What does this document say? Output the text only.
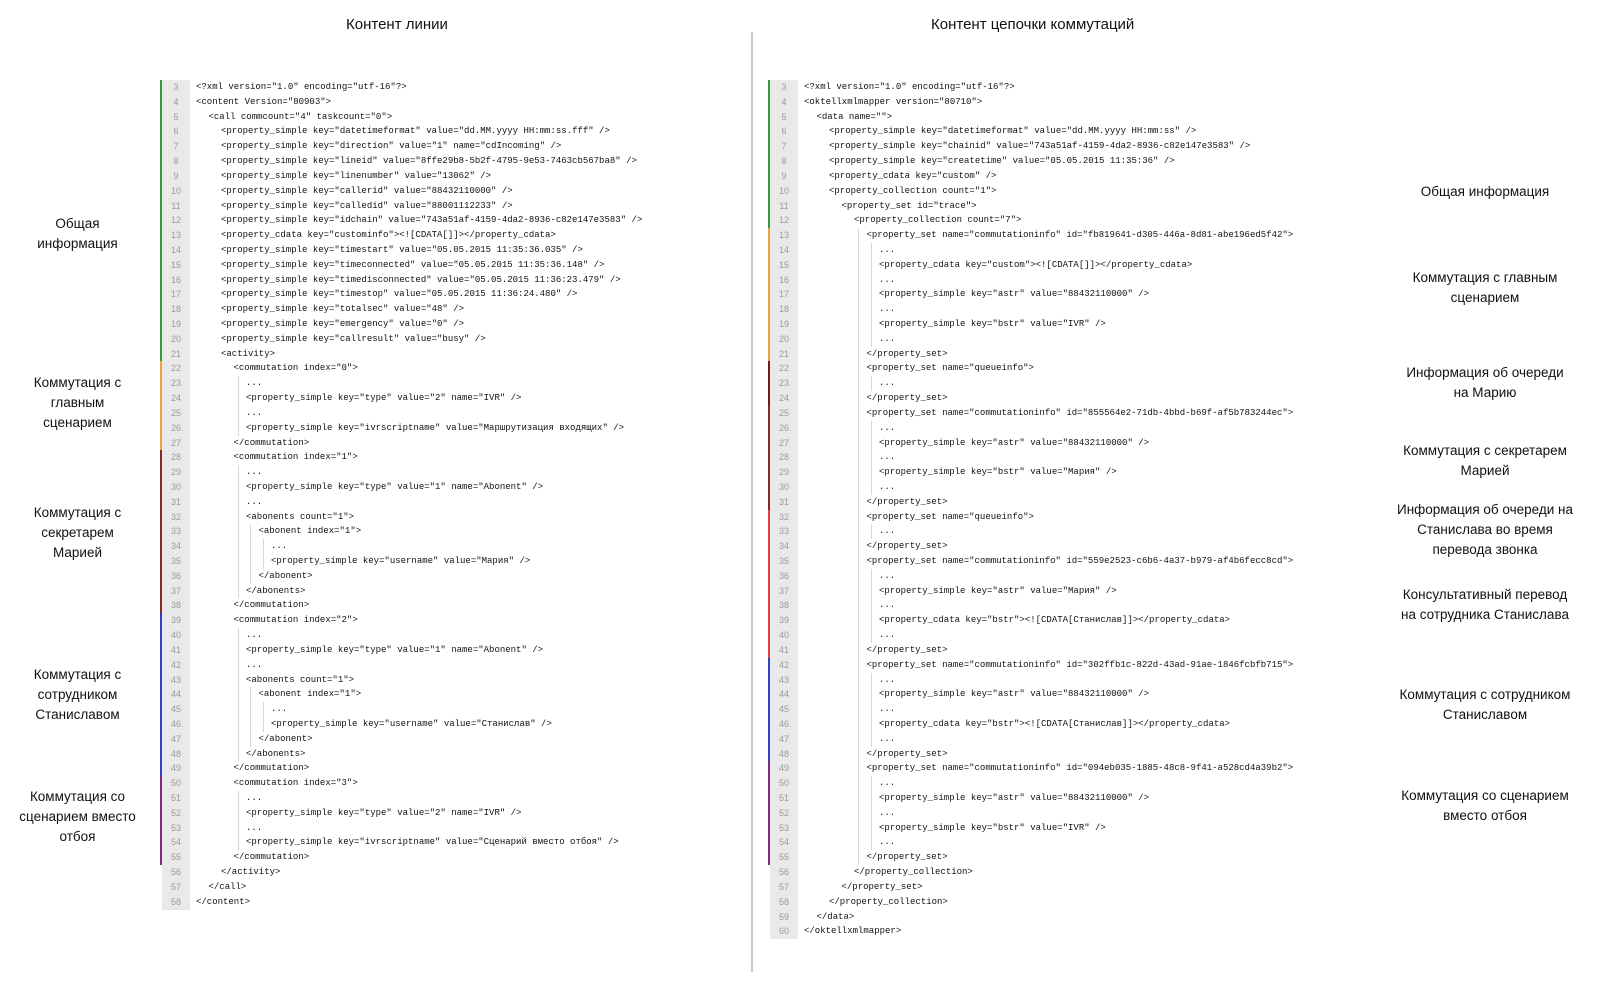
Контент линии	Контент цепочки коммутаций
3	<?xml version="1.0" encoding="utf-16"?>
4	<content Version="80903">
5	<call commcount="4" taskcount="0">
6	<property_simple key="datetimeformat" value="dd.MM.yyyy HH:mm:ss.fff" />
7	<property_simple key="direction" value="1" name="cdIncoming" />
8	<property_simple key="lineid" value="8ffe29b8-5b2f-4795-9e53-7463cb567ba8" />
9	<property_simple key="linenumber" value="13062" />
10	<property_simple key="callerid" value="88432110000" />
11	<property_simple key="calledid" value="88001112233" />
12	<property_simple key="idchain" value="743a51af-4159-4da2-8936-c82e147e3583" />
13	<property_cdata key="custominfo"><![CDATA[]]></property_cdata>
14	<property_simple key="timestart" value="05.05.2015 11:35:36.035" />
15	<property_simple key="timeconnected" value="05.05.2015 11:35:36.148" />
16	<property_simple key="timedisconnected" value="05.05.2015 11:36:23.479" />
17	<property_simple key="timestop" value="05.05.2015 11:36:24.480" />
18	<property_simple key="totalsec" value="48" />
19	<property_simple key="emergency" value="0" />
20	<property_simple key="callresult" value="busy" />
21	<activity>
22	<commutation index="0">
23	...
24	<property_simple key="type" value="2" name="IVR" />
25	...
26	<property_simple key="ivrscriptname" value="Маршрутизация входящих" />
27	</commutation>
28	<commutation index="1">
29	...
30	<property_simple key="type" value="1" name="Abonent" />
31	...
32	<abonents count="1">
33	<abonent index="1">
34	...
35	<property_simple key="username" value="Мария" />
36	</abonent>
37	</abonents>
38	</commutation>
39	<commutation index="2">
40	...
41	<property_simple key="type" value="1" name="Abonent" />
42	...
43	<abonents count="1">
44	<abonent index="1">
45	...
46	<property_simple key="username" value="Станислав" />
47	</abonent>
48	</abonents>
49	</commutation>
50	<commutation index="3">
51	...
52	<property_simple key="type" value="2" name="IVR" />
53	...
54	<property_simple key="ivrscriptname" value="Сценарий вместо отбоя" />
55	</commutation>
56	</activity>
57	</call>
58	</content>
3	<?xml version="1.0" encoding="utf-16"?>
4	<oktellxmlmapper version="80710">
5	<data name="">
6	<property_simple key="datetimeformat" value="dd.MM.yyyy HH:mm:ss" />
7	<property_simple key="chainid" value="743a51af-4159-4da2-8936-c82e147e3583" />
8	<property_simple key="createtime" value="05.05.2015 11:35:36" />
9	<property_cdata key="custom" />
10	<property_collection count="1">
11	<property_set id="trace">
12	<property_collection count="7">
13	<property_set name="commutationinfo" id="fb819641-d305-446a-8d81-abe196ed5f42">
14	...
15	<property_cdata key="custom"><![CDATA[]]></property_cdata>
16	...
17	<property_simple key="astr" value="88432110000" />
18	...
19	<property_simple key="bstr" value="IVR" />
20	...
21	</property_set>
22	<property_set name="queueinfo">
23	...
24	</property_set>
25	<property_set name="commutationinfo" id="855564e2-71db-4bbd-b69f-af5b783244ec">
26	...
27	<property_simple key="astr" value="88432110000" />
28	...
29	<property_simple key="bstr" value="Мария" />
30	...
31	</property_set>
32	<property_set name="queueinfo">
33	...
34	</property_set>
35	<property_set name="commutationinfo" id="559e2523-c6b6-4a37-b979-af4b6fecc8cd">
36	...
37	<property_simple key="astr" value="Мария" />
38	...
39	<property_cdata key="bstr"><![CDATA[Станислав]]></property_cdata>
40	...
41	</property_set>
42	<property_set name="commutationinfo" id="302ffb1c-822d-43ad-91ae-1846fcbfb715">
43	...
44	<property_simple key="astr" value="88432110000" />
45	...
46	<property_cdata key="bstr"><![CDATA[Станислав]]></property_cdata>
47	...
48	</property_set>
49	<property_set name="commutationinfo" id="094eb035-1885-48c8-9f41-a528cd4a39b2">
50	...
51	<property_simple key="astr" value="88432110000" />
52	...
53	<property_simple key="bstr" value="IVR" />
54	...
55	</property_set>
56	</property_collection>
57	</property_set>
58	</property_collection>
59	</data>
60	</oktellxmlmapper>
Общая
информация
Коммутация с
главным
сценарием
Коммутация с
секретарем
Марией
Коммутация с
сотрудником
Станиславом
Коммутация со
сценарием вместо
отбоя
Общая информация
Коммутация с главным
сценарием
Информация об очереди
на Марию
Коммутация с секретарем
Марией
Информация об очереди на
Станислава во время
перевода звонка
Консультативный перевод
на сотрудника Станислава
Коммутация с сотрудником
Станиславом
Коммутация со сценарием
вместо отбоя
